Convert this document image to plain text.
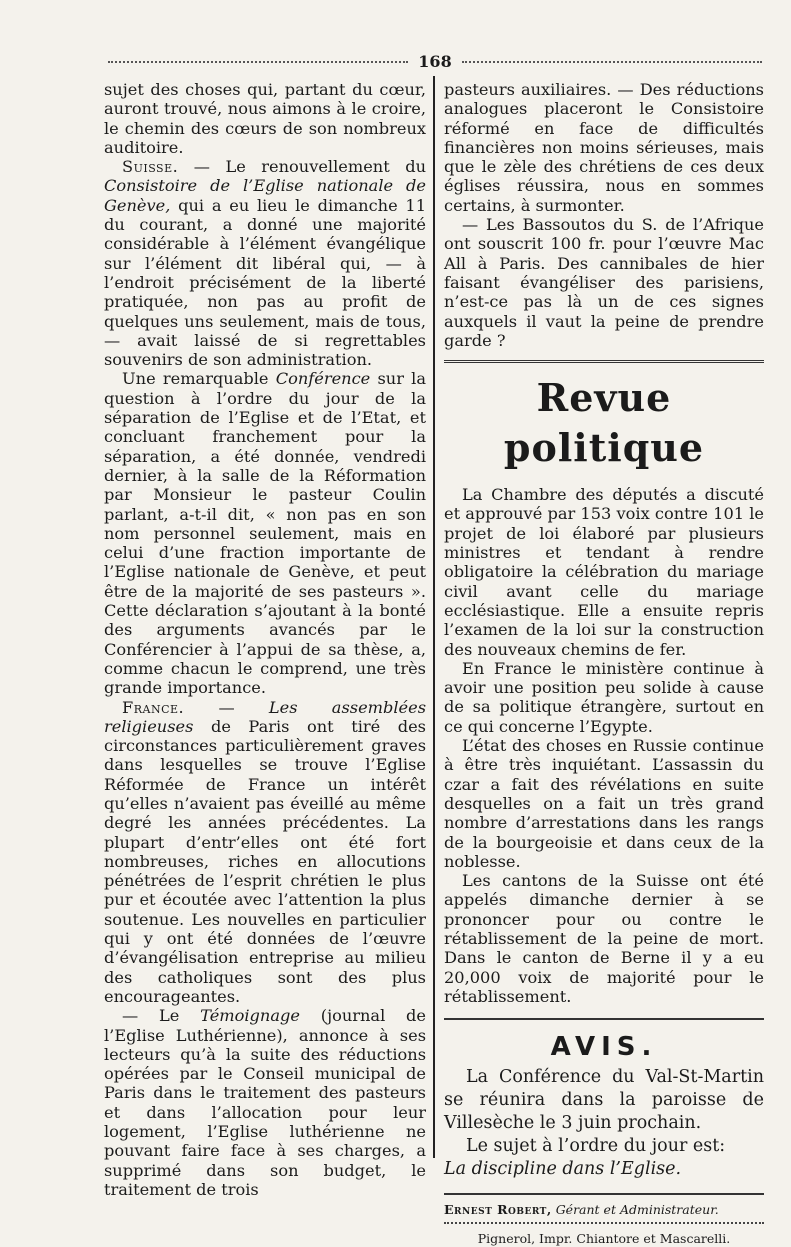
168

sujet des choses qui, partant du cœur, auront trouvé, nous aimons à le croire, le chemin des cœurs de son nombreux auditoire.

Suisse. — Le renouvellement du Consistoire de l’Eglise nationale de Genève, qui a eu lieu le dimanche 11 du courant, a donné une majorité considérable à l’élément évangélique sur l’élément dit libéral qui, — à l’endroit précisément de la liberté pratiquée, non pas au profit de quelques uns seulement, mais de tous, — avait laissé de si regrettables souvenirs de son administration.

Une remarquable Conférence sur la question à l’ordre du jour de la séparation de l’Eglise et de l’Etat, et concluant franchement pour la séparation, a été donnée, vendredi dernier, à la salle de la Réformation par Monsieur le pasteur Coulin parlant, a-t-il dit, « non pas en son nom personnel seulement, mais en celui d’une fraction importante de l’Eglise nationale de Genève, et peut être de la majorité de ses pasteurs ». Cette déclaration s’ajoutant à la bonté des arguments avancés par le Conférencier à l’appui de sa thèse, a, comme chacun le comprend, une très grande importance.

France. — Les assemblées religieuses de Paris ont tiré des circonstances particulièrement graves dans lesquelles se trouve l’Eglise Réformée de France un intérêt qu’elles n’avaient pas éveillé au même degré les années précédentes. La plupart d’entr’elles ont été fort nombreuses, riches en allocutions pénétrées de l’esprit chrétien le plus pur et écoutée avec l’attention la plus soutenue. Les nouvelles en particulier qui y ont été données de l’œuvre d’évangélisation entreprise au milieu des catholiques sont des plus encourageantes.

— Le Témoignage (journal de l’Eglise Luthérienne), annonce à ses lecteurs qu’à la suite des réductions opérées par le Conseil municipal de Paris dans le traitement des pasteurs et dans l’allocation pour leur logement, l’Eglise luthérienne ne pouvant faire face à ses charges, a supprimé dans son budget, le traitement de trois

pasteurs auxiliaires. — Des réductions analogues placeront le Consistoire réformé en face de difficultés financières non moins sérieuses, mais que le zèle des chrétiens de ces deux églises réussira, nous en sommes certains, à surmonter.

— Les Bassoutos du S. de l’Afrique ont souscrit 100 fr. pour l’œuvre Mac All à Paris. Des cannibales de hier faisant évangéliser des parisiens, n’est-ce pas là un de ces signes auxquels il vaut la peine de prendre garde ?

Revue politique

La Chambre des députés a discuté et approuvé par 153 voix contre 101 le projet de loi élaboré par plusieurs ministres et tendant à rendre obligatoire la célébration du mariage civil avant celle du mariage ecclésiastique. Elle a ensuite repris l’examen de la loi sur la construction des nouveaux chemins de fer.

En France le ministère continue à avoir une position peu solide à cause de sa politique étrangère, surtout en ce qui concerne l’Egypte.

L’état des choses en Russie continue à être très inquiétant. L’assassin du czar a fait des révélations en suite desquelles on a fait un très grand nombre d’arrestations dans les rangs de la bourgeoisie et dans ceux de la noblesse.

Les cantons de la Suisse ont été appelés dimanche dernier à se prononcer pour ou contre le rétablissement de la peine de mort. Dans le canton de Berne il y a eu 20,000 voix de majorité pour le rétablissement.

AVIS.

La Conférence du Val-St-Martin se réunira dans la paroisse de Villesèche le 3 juin prochain.

Le sujet à l’ordre du jour est:

La discipline dans l’Eglise.
Ernest Robert, Gérant et Administrateur.
Pignerol, Impr. Chiantore et Mascarelli.
